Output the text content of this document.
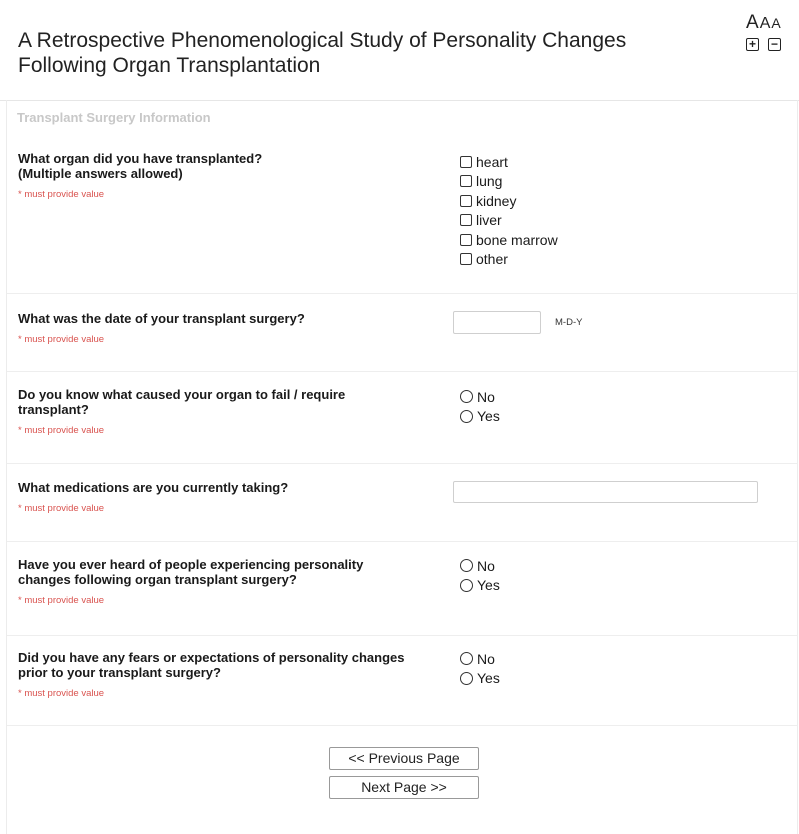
A Retrospective Phenomenological Study of Personality Changes Following Organ Transplantation
AAA
+ −
Transplant Surgery Information
What organ did you have transplanted?
(Multiple answers allowed)
* must provide value
heart
lung
kidney
liver
bone marrow
other
What was the date of your transplant surgery?
* must provide value
M-D-Y
Do you know what caused your organ to fail / require transplant?
* must provide value
No
Yes
What medications are you currently taking?
* must provide value
Have you ever heard of people experiencing personality changes following organ transplant surgery?
* must provide value
No
Yes
Did you have any fears or expectations of personality changes prior to your transplant surgery?
* must provide value
No
Yes
<< Previous Page
Next Page >>
